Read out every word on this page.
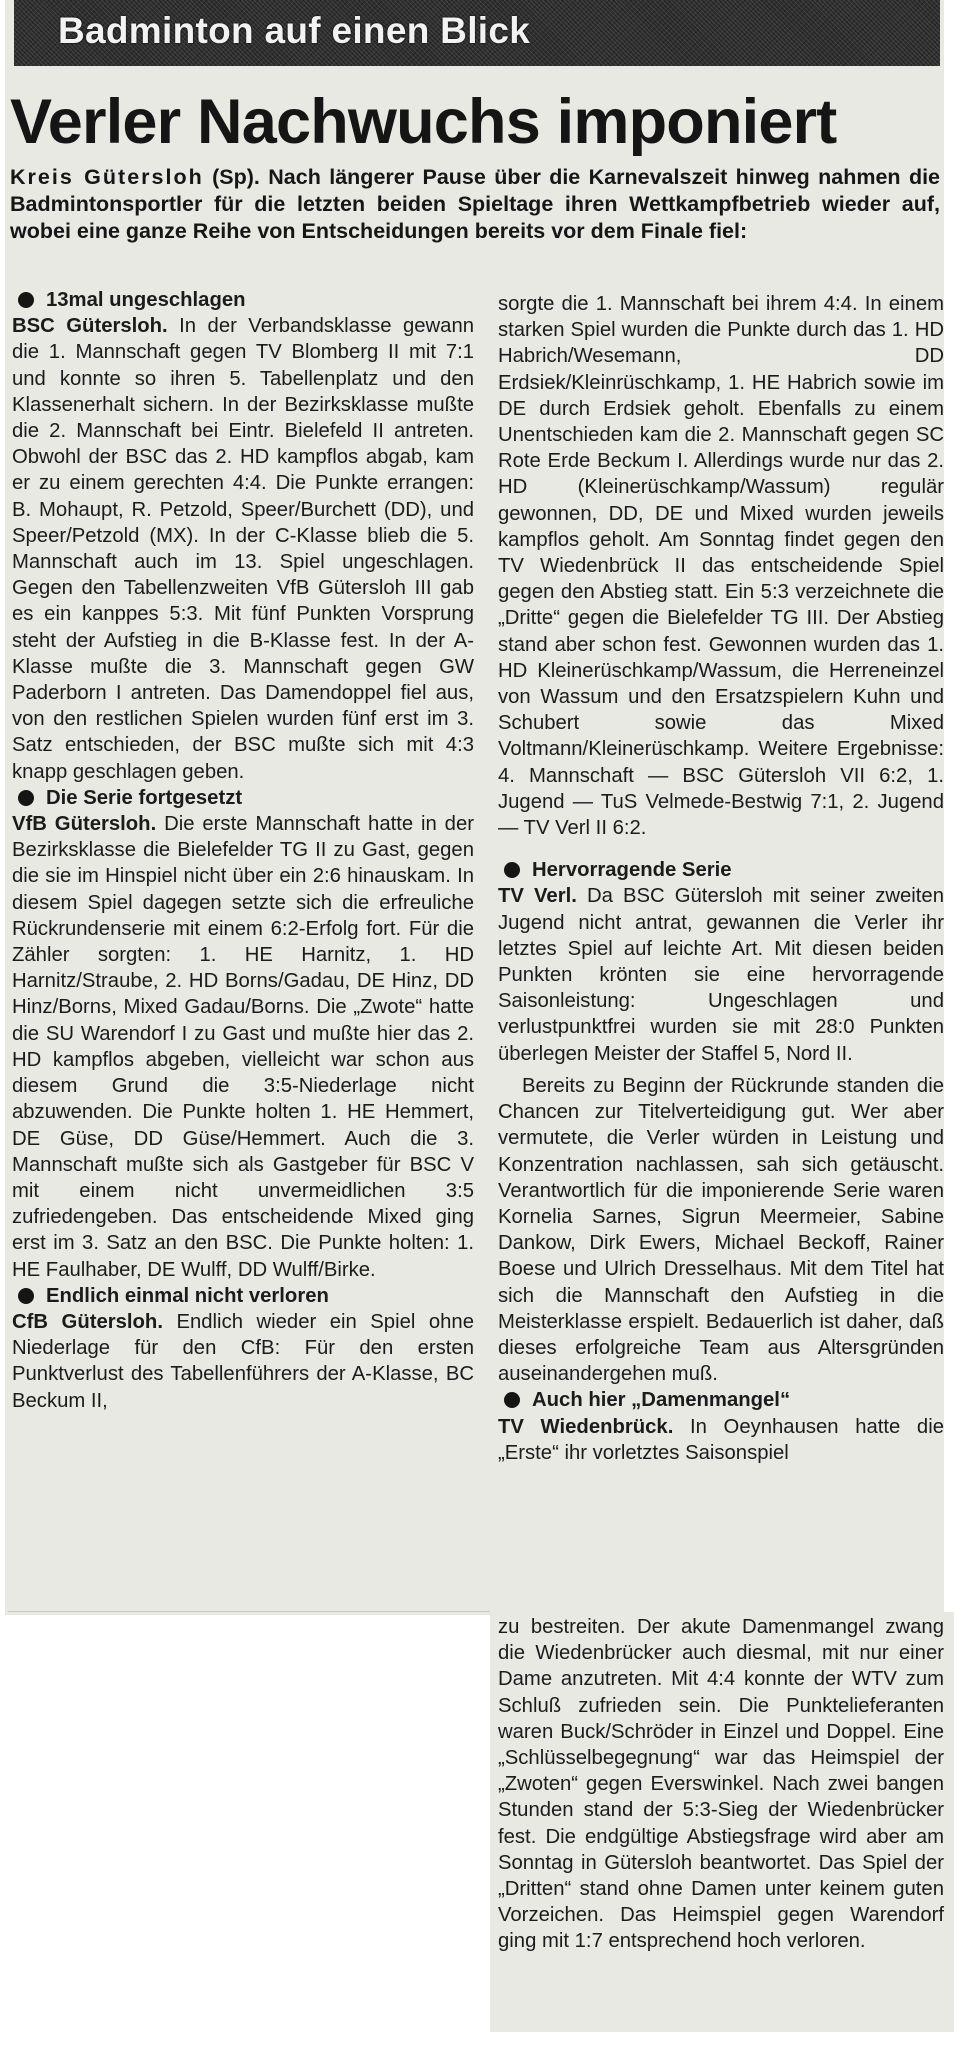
Badminton auf einen Blick
Verler Nachwuchs imponiert

Kreis Gütersloh (Sp). Nach längerer Pause über die Karnevalszeit hinweg nahmen die Badmintonsportler für die letzten beiden Spieltage ihren Wettkampfbetrieb wieder auf, wobei eine ganze Reihe von Entscheidungen bereits vor dem Finale fiel:

13mal ungeschlagen

BSC Gütersloh. In der Verbandsklasse gewann die 1. Mannschaft gegen TV Blomberg II mit 7:1 und konnte so ihren 5. Tabellenplatz und den Klassenerhalt sichern. In der Bezirksklasse mußte die 2. Mannschaft bei Eintr. Bielefeld II antreten. Obwohl der BSC das 2. HD kampflos abgab, kam er zu einem gerechten 4:4. Die Punkte errangen: B. Mohaupt, R. Petzold, Speer/Burchett (DD), und Speer/Petzold (MX). In der C-Klasse blieb die 5. Mannschaft auch im 13. Spiel ungeschlagen. Gegen den Tabellenzweiten VfB Gütersloh III gab es ein kanppes 5:3. Mit fünf Punkten Vorsprung steht der Aufstieg in die B-Klasse fest. In der A-Klasse mußte die 3. Mannschaft gegen GW Paderborn I antreten. Das Damendoppel fiel aus, von den restlichen Spielen wurden fünf erst im 3. Satz entschieden, der BSC mußte sich mit 4:3 knapp geschlagen geben.

Die Serie fortgesetzt

VfB Gütersloh. Die erste Mannschaft hatte in der Bezirksklasse die Bielefelder TG II zu Gast, gegen die sie im Hinspiel nicht über ein 2:6 hinauskam. In diesem Spiel dagegen setzte sich die erfreuliche Rückrundenserie mit einem 6:2-Erfolg fort. Für die Zähler sorgten: 1. HE Harnitz, 1. HD Harnitz/Straube, 2. HD Borns/Gadau, DE Hinz, DD Hinz/Borns, Mixed Gadau/Borns. Die „Zwote“ hatte die SU Warendorf I zu Gast und mußte hier das 2. HD kampflos abgeben, vielleicht war schon aus diesem Grund die 3:5-Niederlage nicht abzuwenden. Die Punkte holten 1. HE Hemmert, DE Güse, DD Güse/Hemmert. Auch die 3. Mannschaft mußte sich als Gastgeber für BSC V mit einem nicht unvermeidlichen 3:5 zufriedengeben. Das entscheidende Mixed ging erst im 3. Satz an den BSC. Die Punkte holten: 1. HE Faulhaber, DE Wulff, DD Wulff/Birke.

Endlich einmal nicht verloren

CfB Gütersloh. Endlich wieder ein Spiel ohne Niederlage für den CfB: Für den ersten Punktverlust des Tabellenführers der A-Klasse, BC Beckum II,

sorgte die 1. Mannschaft bei ihrem 4:4. In einem starken Spiel wurden die Punkte durch das 1. HD Habrich/Wesemann, DD Erdsiek/Kleinrüschkamp, 1. HE Habrich sowie im DE durch Erdsiek geholt. Ebenfalls zu einem Unentschieden kam die 2. Mannschaft gegen SC Rote Erde Beckum I. Allerdings wurde nur das 2. HD (Kleinerüschkamp/Wassum) regulär gewonnen, DD, DE und Mixed wurden jeweils kampflos geholt. Am Sonntag findet gegen den TV Wiedenbrück II das entscheidende Spiel gegen den Abstieg statt. Ein 5:3 verzeichnete die „Dritte“ gegen die Bielefelder TG III. Der Abstieg stand aber schon fest. Gewonnen wurden das 1. HD Kleinerüschkamp/Wassum, die Herreneinzel von Wassum und den Ersatzspielern Kuhn und Schubert sowie das Mixed Voltmann/Kleinerüschkamp. Weitere Ergebnisse: 4. Mannschaft — BSC Gütersloh VII 6:2, 1. Jugend — TuS Velmede-Bestwig 7:1, 2. Jugend — TV Verl II 6:2.

Hervorragende Serie

TV Verl. Da BSC Gütersloh mit seiner zweiten Jugend nicht antrat, gewannen die Verler ihr letztes Spiel auf leichte Art. Mit diesen beiden Punkten krönten sie eine hervorragende Saisonleistung: Ungeschlagen und verlustpunktfrei wurden sie mit 28:0 Punkten überlegen Meister der Staffel 5, Nord II.

Bereits zu Beginn der Rückrunde standen die Chancen zur Titelverteidigung gut. Wer aber vermutete, die Verler würden in Leistung und Konzentration nachlassen, sah sich getäuscht. Verantwortlich für die imponierende Serie waren Kornelia Sarnes, Sigrun Meermeier, Sabine Dankow, Dirk Ewers, Michael Beckoff, Rainer Boese und Ulrich Dresselhaus. Mit dem Titel hat sich die Mannschaft den Aufstieg in die Meisterklasse erspielt. Bedauerlich ist daher, daß dieses erfolgreiche Team aus Altersgründen auseinandergehen muß.

Auch hier „Damenmangel“

TV Wiedenbrück. In Oeynhausen hatte die „Erste“ ihr vorletztes Saisonspiel

zu bestreiten. Der akute Damenmangel zwang die Wiedenbrücker auch diesmal, mit nur einer Dame anzutreten. Mit 4:4 konnte der WTV zum Schluß zufrieden sein. Die Punktelieferanten waren Buck/Schröder in Einzel und Doppel. Eine „Schlüsselbegegnung“ war das Heimspiel der „Zwoten“ gegen Everswinkel. Nach zwei bangen Stunden stand der 5:3-Sieg der Wiedenbrücker fest. Die endgültige Abstiegsfrage wird aber am Sonntag in Gütersloh beantwortet. Das Spiel der „Dritten“ stand ohne Damen unter keinem guten Vorzeichen. Das Heimspiel gegen Warendorf ging mit 1:7 entsprechend hoch verloren.
